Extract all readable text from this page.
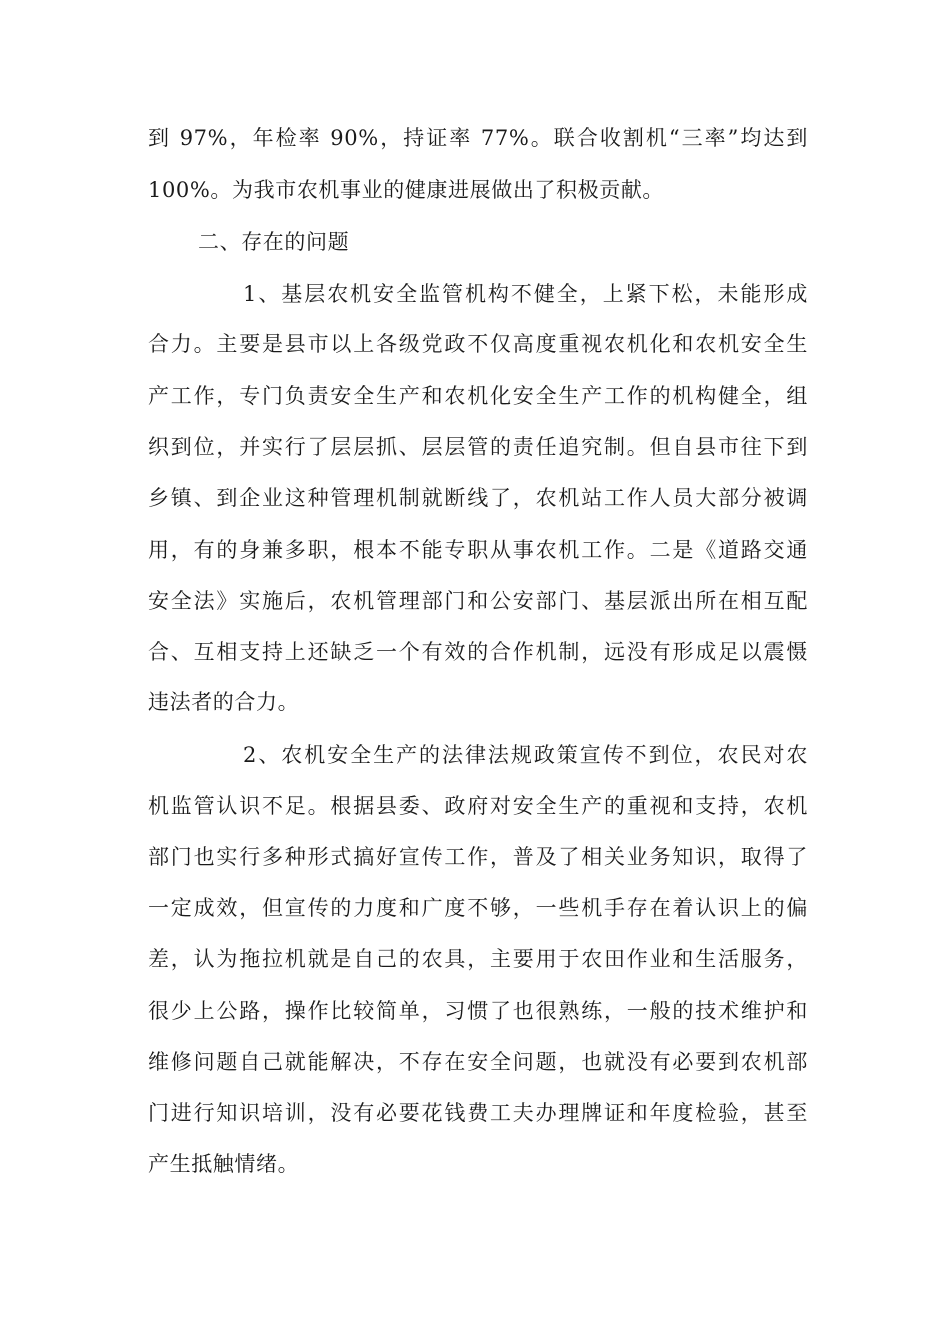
到 97%，年检率 90%，持证率 77%。联合收割机“三率”均达到
100%。为我市农机事业的健康进展做出了积极贡献。
二、存在的问题
1、基层农机安全监管机构不健全，上紧下松，未能形成
合力。主要是县市以上各级党政不仅高度重视农机化和农机安全生
产工作，专门负责安全生产和农机化安全生产工作的机构健全，组
织到位，并实行了层层抓、层层管的责任追究制。但自县市往下到
乡镇、到企业这种管理机制就断线了，农机站工作人员大部分被调
用，有的身兼多职，根本不能专职从事农机工作。二是《道路交通
安全法》实施后，农机管理部门和公安部门、基层派出所在相互配
合、互相支持上还缺乏一个有效的合作机制，远没有形成足以震慑
违法者的合力。
2、农机安全生产的法律法规政策宣传不到位，农民对农
机监管认识不足。根据县委、政府对安全生产的重视和支持，农机
部门也实行多种形式搞好宣传工作，普及了相关业务知识，取得了
一定成效，但宣传的力度和广度不够，一些机手存在着认识上的偏
差，认为拖拉机就是自己的农具，主要用于农田作业和生活服务，
很少上公路，操作比较简单，习惯了也很熟练，一般的技术维护和
维修问题自己就能解决，不存在安全问题，也就没有必要到农机部
门进行知识培训，没有必要花钱费工夫办理牌证和年度检验，甚至
产生抵触情绪。
